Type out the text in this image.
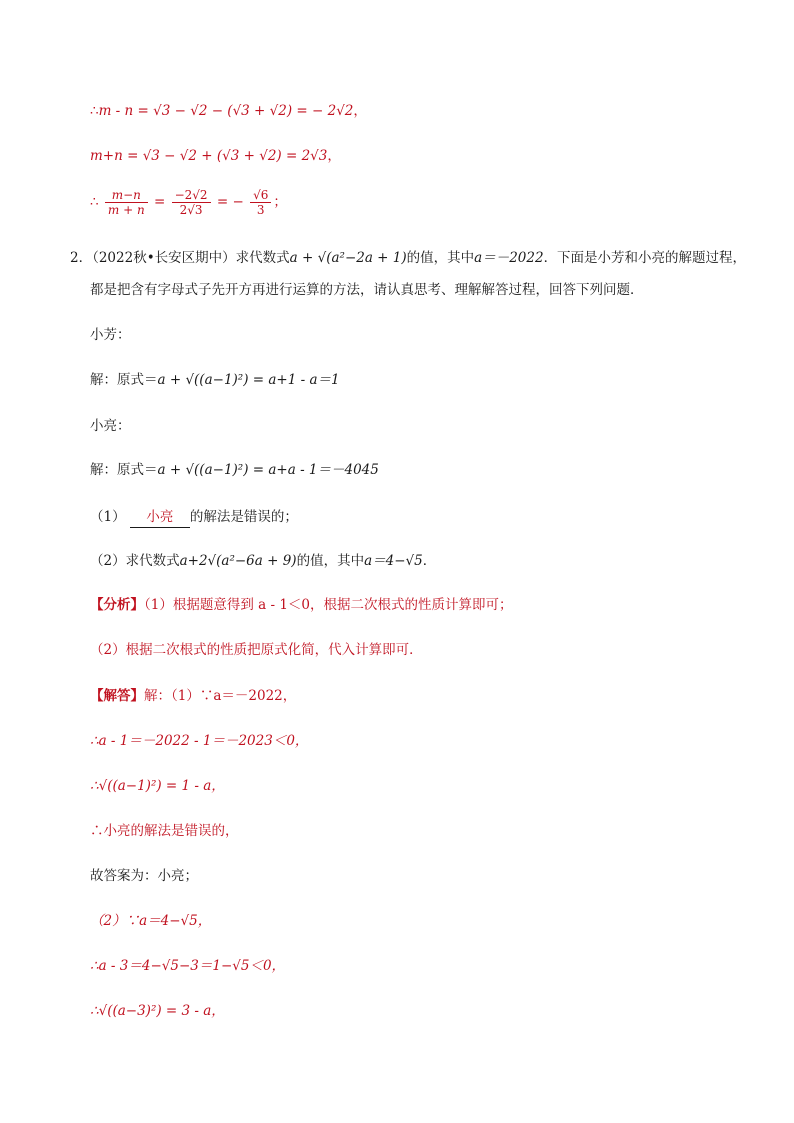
∴m - n = √3 − √2 − (√3 + √2) = − 2√2，
m+n = √3 − √2 + (√3 + √2) = 2√3，
∴ $\frac{m-n}{m + n} = \frac{-2√2}{2√3}$ = − $\frac{√6}{3}$ ；
2．（2022秋•长安区期中）求代数式a + √(a²−2a + 1)的值，其中a＝－2022．下面是小芳和小亮的解题过程，
都是把含有字母式子先开方再进行运算的方法，请认真思考、理解解答过程，回答下列问题．
小芳：
解：原式＝a + √((a−1)²) = a+1 - a＝1
小亮：
解：原式＝a + √((a−1)²) = a+a - 1＝－4045
（1） 小亮 的解法是错误的；
（2）求代数式a+2√(a²−6a + 9)的值，其中a＝4−√5．
【分析】（1）根据题意得到 a - 1＜0，根据二次根式的性质计算即可；
（2）根据二次根式的性质把原式化简，代入计算即可．
【解答】解：（1）∵a＝－2022，
∴a - 1＝－2022 - 1＝－2023＜0，
∴√((a−1)²) = 1 - a，
∴小亮的解法是错误的，
故答案为：小亮；
（2）∵a＝4−√5，
∴a - 3＝4−√5−3＝1−√5＜0，
∴√((a−3)²) = 3 - a，
